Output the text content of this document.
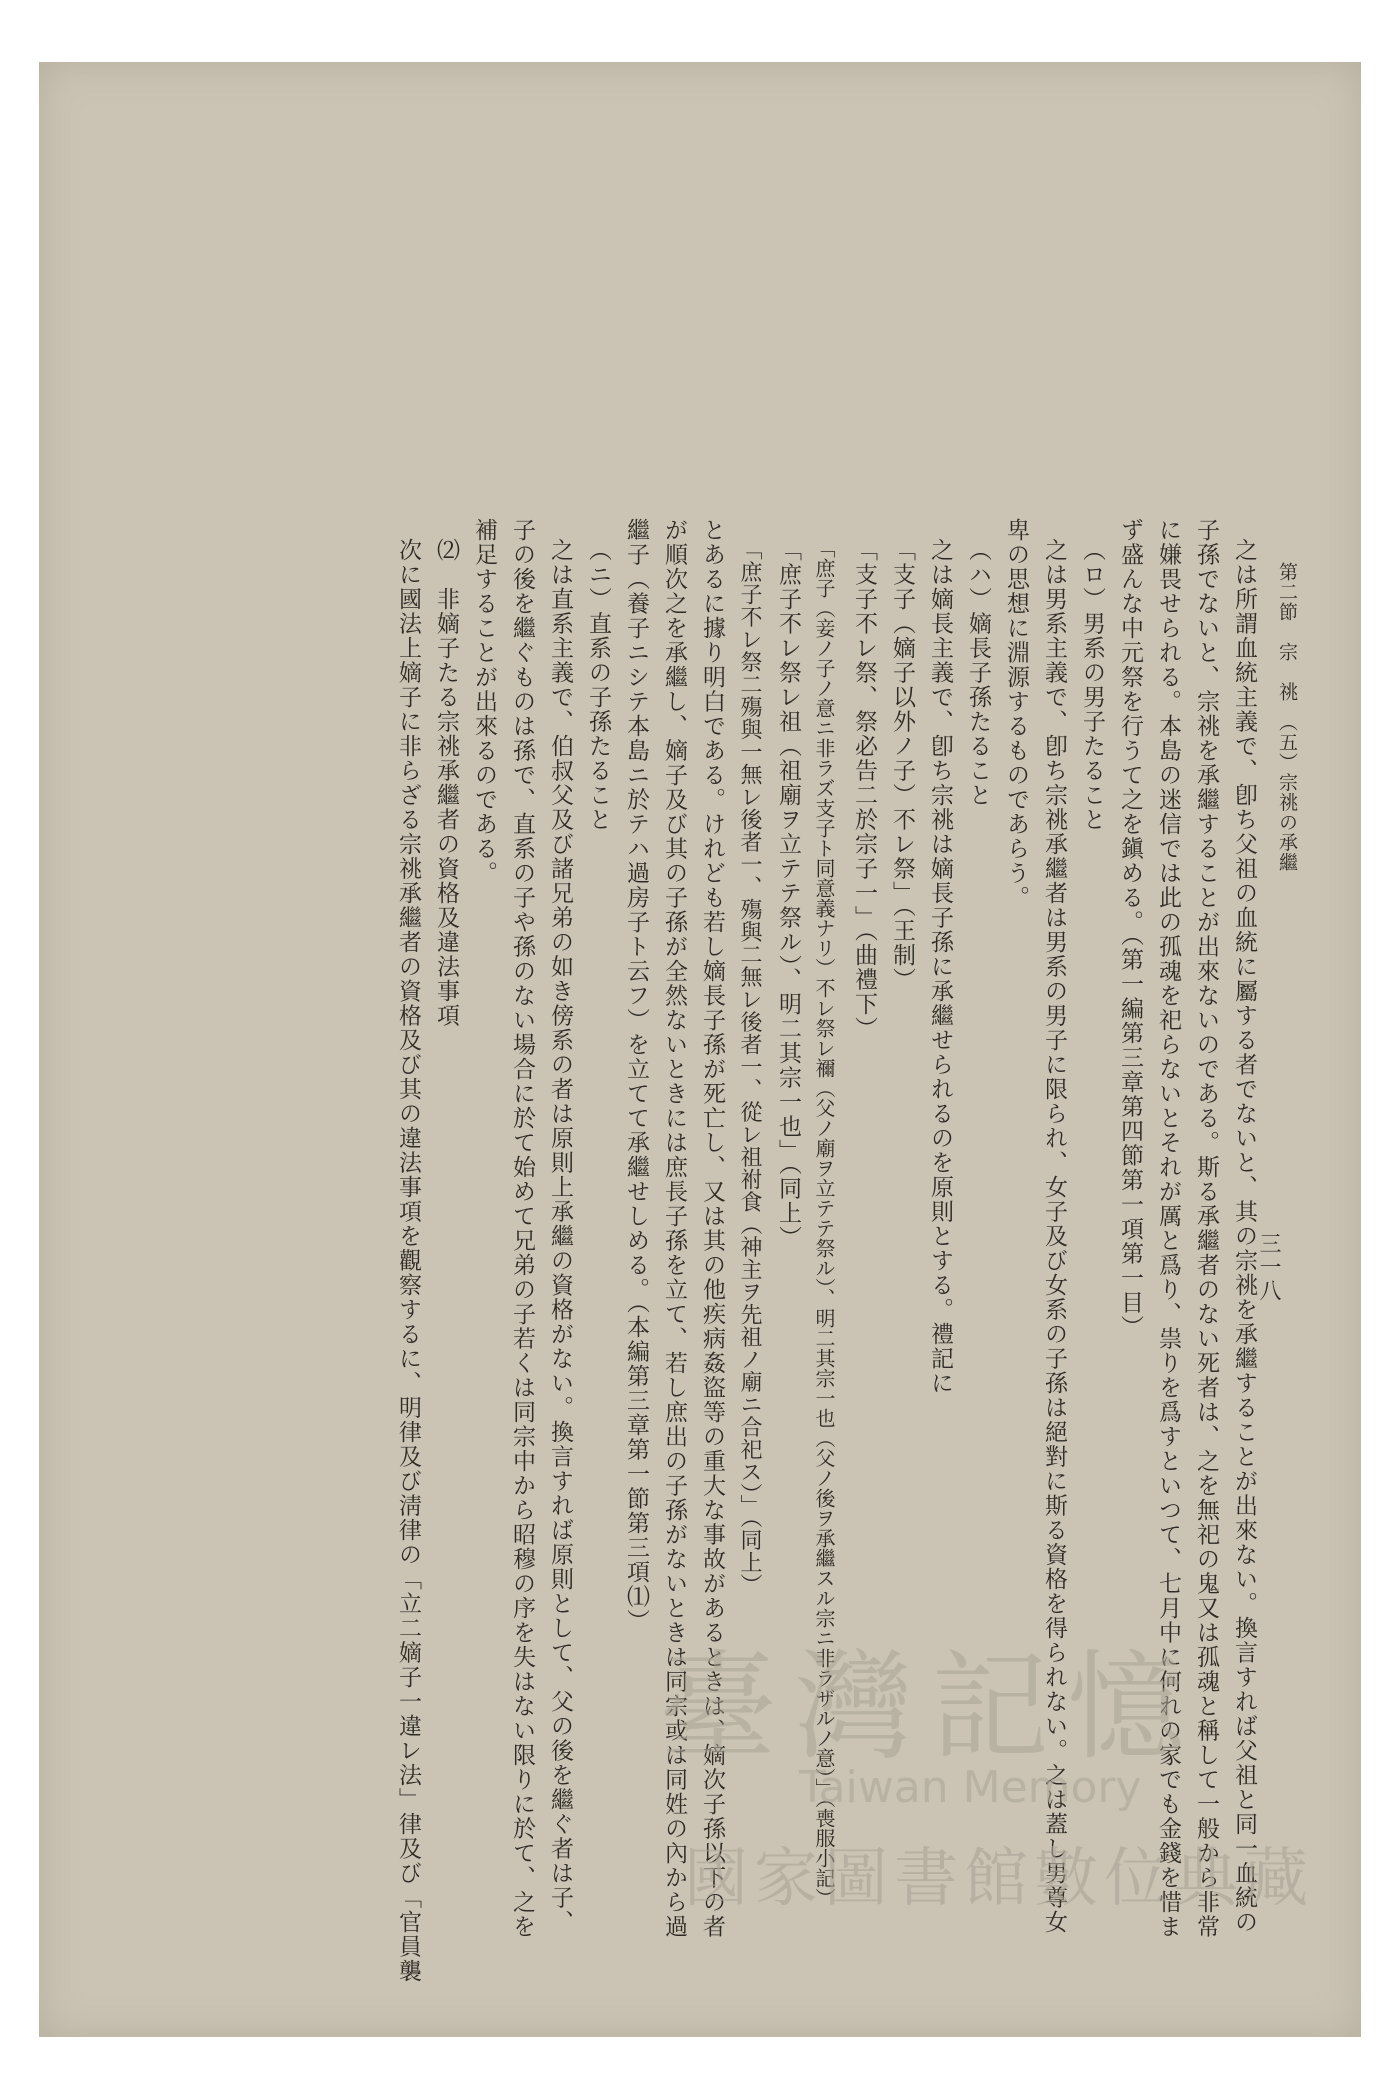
三一八
第二節　宗　祧　（五）宗祧の承繼
之は所謂血統主義で、卽ち父祖の血統に屬する者でないと、其の宗祧を承繼することが出來ない。換言すれば父祖と同一血統の
子孫でないと、宗祧を承繼することが出來ないのである。斯る承繼者のない死者は、之を無祀の鬼又は孤魂と稱して一般から非常
に嫌畏せられる。本島の迷信では此の孤魂を祀らないとそれが厲と爲り、祟りを爲すといつて、七月中に何れの家でも金錢を惜ま
ず盛んな中元祭を行うて之を鎭める。（第一編第三章第四節第一項第一目）
（ロ）男系の男子たること
之は男系主義で、卽ち宗祧承繼者は男系の男子に限られ、女子及び女系の子孫は絕對に斯る資格を得られない。之は蓋し男尊女
卑の思想に淵源するものであらう。
（ハ）嫡長子孫たること
之は嫡長主義で、卽ち宗祧は嫡長子孫に承繼せられるのを原則とする。禮記に
「支子（嫡子以外ノ子）不レ祭」（王制）
「支子不レ祭、祭必告二於宗子一」（曲禮下）
「庶子（妾ノ子ノ意ニ非ラズ支子ト同意義ナリ）不レ祭レ禰（父ノ廟ヲ立テテ祭ル）、明二其宗一也（父ノ後ヲ承繼スル宗ニ非ラザルノ意）」（喪服小記）
「庶子不レ祭レ祖（祖廟ヲ立テテ祭ル）、明二其宗一也」（同上）
「庶子不レ祭二殤與一無レ後者一、殤與二無レ後者一、從レ祖祔食（神主ヲ先祖ノ廟ニ合祀ス）」（同上）
とあるに據り明白である。けれども若し嫡長子孫が死亡し、又は其の他疾病姦盜等の重大な事故があるときは、嫡次子孫以下の者
が順次之を承繼し、嫡子及び其の子孫が全然ないときには庶長子孫を立て、若し庶出の子孫がないときは同宗或は同姓の內から過
繼子（養子ニシテ本島ニ於テハ過房子ト云フ）を立てて承繼せしめる。（本編第三章第一節第三項⑴）
（ニ）直系の子孫たること
之は直系主義で、伯叔父及び諸兄弟の如き傍系の者は原則上承繼の資格がない。換言すれば原則として、父の後を繼ぐ者は子、
子の後を繼ぐものは孫で、直系の子や孫のない場合に於て始めて兄弟の子若くは同宗中から昭穆の序を失はない限りに於て、之を
補足することが出來るのである。
⑵　非嫡子たる宗祧承繼者の資格及違法事項
次に國法上嫡子に非らざる宗祧承繼者の資格及び其の違法事項を觀察するに、明律及び淸律の「立二嫡子一違レ法」律及び「官員襲 臺灣記憶
Taiwan Memory
國家圖書館數位典藏
